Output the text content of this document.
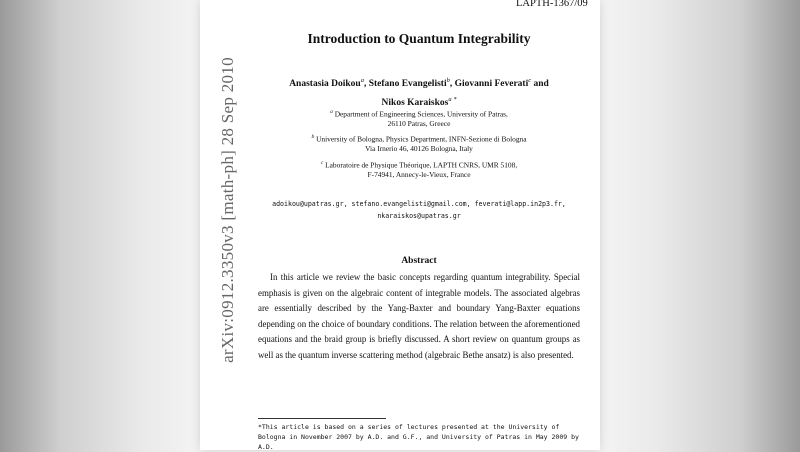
LAPTH-1367/09
arXiv:0912.3350v3 [math-ph] 28 Sep 2010
Introduction to Quantum Integrability
Anastasia Doikou$^a$, Stefano Evangelisti$^b$, Giovanni Feverati$^c$ and
Nikos Karaiskos$^{a *}$
$^a$ Department of Engineering Sciences, University of Patras,
26110 Patras, Greece
$^b$ University of Bologna, Physics Department, INFN-Sezione di Bologna
Via Irnerio 46, 40126 Bologna, Italy
$^c$ Laboratoire de Physique Théorique, LAPTH CNRS, UMR 5108,
F-74941, Annecy-le-Vieux, France
adoikou@upatras.gr, stefano.evangelisti@gmail.com, feverati@lapp.in2p3.fr,
nkaraiskos@upatras.gr
Abstract
In this article we review the basic concepts regarding quantum integrability. Special emphasis is given on the algebraic content of integrable models. The associated algebras are essentially described by the Yang-Baxter and boundary Yang-Baxter equations depending on the choice of boundary conditions. The relation between the aforementioned equations and the braid group is briefly discussed. A short review on quantum groups as well as the quantum inverse scattering method (algebraic Bethe ansatz) is also presented.
*This article is based on a series of lectures presented at the University of Bologna in November 2007 by A.D. and G.F., and University of Patras in May 2009 by A.D.
